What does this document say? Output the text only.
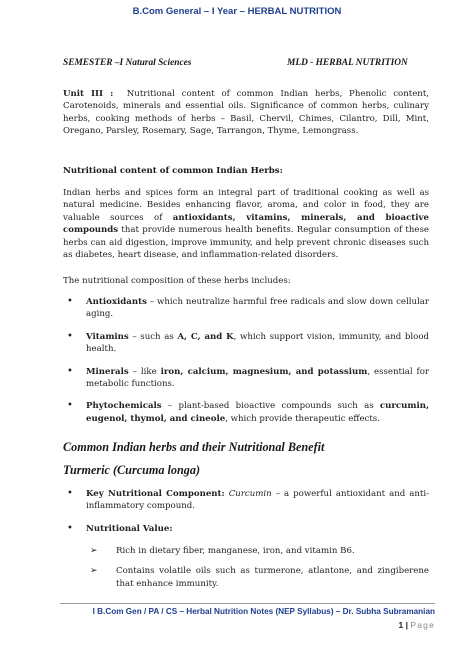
B.Com General – I Year – HERBAL NUTRITION
SEMESTER –I Natural Sciences	MLD - HERBAL NUTRITION
Unit III : Nutritional content of common Indian herbs, Phenolic content, Carotenoids, minerals and essential oils. Significance of common herbs, culinary herbs, cooking methods of herbs – Basil, Chervil, Chimes, Cilantro, Dill, Mint, Oregano, Parsley, Rosemary, Sage, Tarrangon, Thyme, Lemongrass.
Nutritional content of common Indian Herbs:
Indian herbs and spices form an integral part of traditional cooking as well as natural medicine. Besides enhancing flavor, aroma, and color in food, they are valuable sources of antioxidants, vitamins, minerals, and bioactive compounds that provide numerous health benefits. Regular consumption of these herbs can aid digestion, improve immunity, and help prevent chronic diseases such as diabetes, heart disease, and inflammation-related disorders.
The nutritional composition of these herbs includes:
• Antioxidants – which neutralize harmful free radicals and slow down cellular aging.
• Vitamins – such as A, C, and K, which support vision, immunity, and blood health.
• Minerals – like iron, calcium, magnesium, and potassium, essential for metabolic functions.
• Phytochemicals – plant-based bioactive compounds such as curcumin, eugenol, thymol, and cineole, which provide therapeutic effects.
Common Indian herbs and their Nutritional Benefit
Turmeric (Curcuma longa)
• Key Nutritional Component: Curcumin – a powerful antioxidant and anti-inflammatory compound.
• Nutritional Value:
➢ Rich in dietary fiber, manganese, iron, and vitamin B6.
➢ Contains volatile oils such as turmerone, atlantone, and zingiberene that enhance immunity.
I B.Com Gen / PA / CS – Herbal Nutrition Notes (NEP Syllabus) – Dr. Subha Subramanian
1 | Page
